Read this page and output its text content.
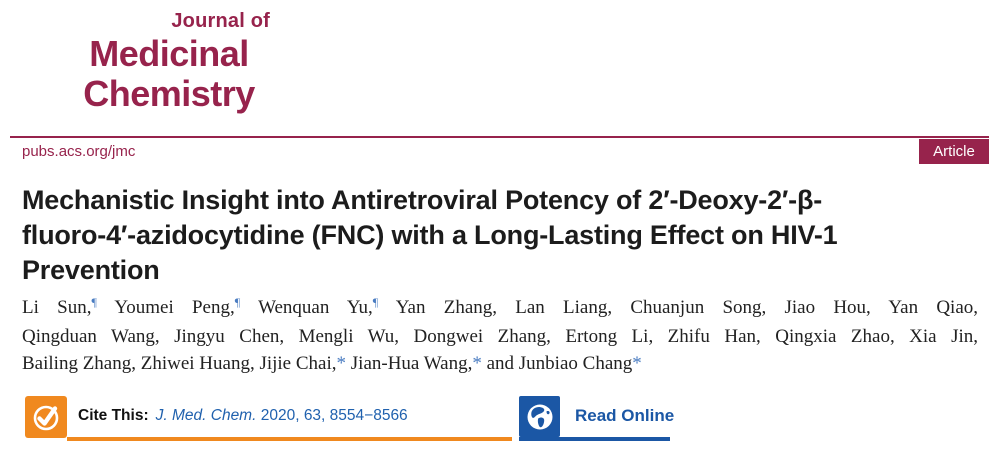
Journal of
Medicinal
Chemistry
pubs.acs.org/jmc	Article
Mechanistic Insight into Antiretroviral Potency of 2′-Deoxy-2′-β-
fluoro-4′-azidocytidine (FNC) with a Long-Lasting Effect on HIV-1
Prevention
Li Sun,¶ Youmei Peng,¶ Wenquan Yu,¶ Yan Zhang, Lan Liang, Chuanjun Song, Jiao Hou, Yan Qiao,
Qingduan Wang, Jingyu Chen, Mengli Wu, Dongwei Zhang, Ertong Li, Zhifu Han, Qingxia Zhao, Xia Jin,
Bailing Zhang, Zhiwei Huang, Jijie Chai,* Jian-Hua Wang,* and Junbiao Chang*
Cite This: J. Med. Chem. 2020, 63, 8554−8566	Read Online
